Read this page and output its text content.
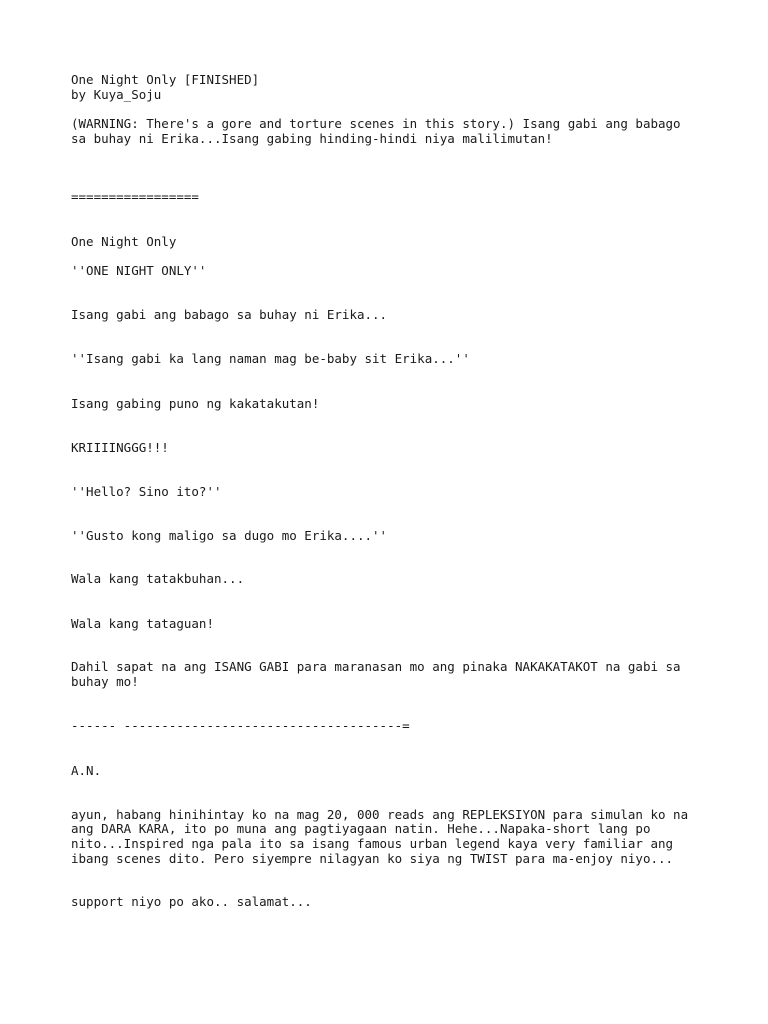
One Night Only [FINISHED]

by Kuya_Soju

(WARNING: There's a gore and torture scenes in this story.) Isang gabi ang babago

sa buhay ni Erika...Isang gabing hinding-hindi niya malilimutan!

=================

One Night Only

''ONE NIGHT ONLY''

Isang gabi ang babago sa buhay ni Erika...

''Isang gabi ka lang naman mag be-baby sit Erika...''

Isang gabing puno ng kakatakutan!

KRIIIINGGG!!!

''Hello? Sino ito?''

''Gusto kong maligo sa dugo mo Erika....''

Wala kang tatakbuhan...

Wala kang tataguan!

Dahil sapat na ang ISANG GABI para maranasan mo ang pinaka NAKAKATAKOT na gabi sa

buhay mo!

------ -------------------------------------=

A.N.

ayun, habang hinihintay ko na mag 20, 000 reads ang REPLEKSIYON para simulan ko na

ang DARA KARA, ito po muna ang pagtiyagaan natin. Hehe...Napaka-short lang po

nito...Inspired nga pala ito sa isang famous urban legend kaya very familiar ang

ibang scenes dito. Pero siyempre nilagyan ko siya ng TWIST para ma-enjoy niyo...

support niyo po ako.. salamat...
